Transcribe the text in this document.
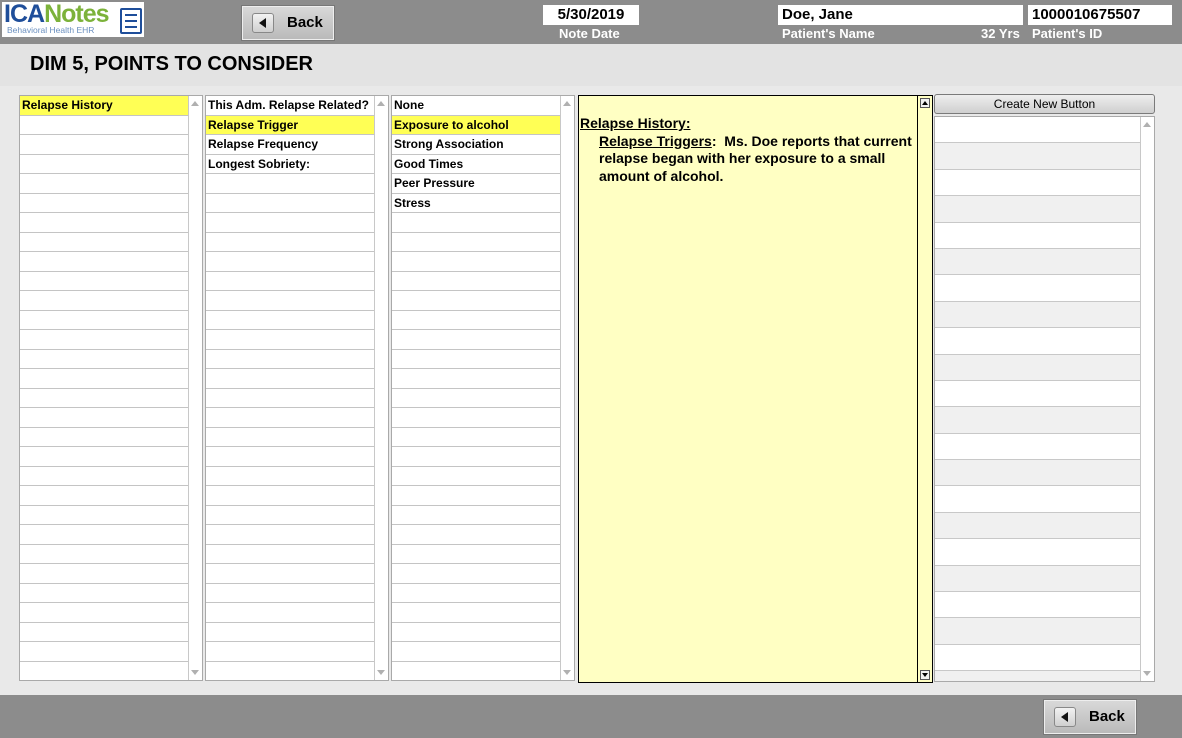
ICANotes
Behavioral Health EHR	Back	5/30/2019
Note Date
Doe, Jane
Patient's Name	32 Yrs
1000010675507
Patient's ID
DIM 5, POINTS TO CONSIDER
Relapse History	This Adm. Relapse Related?
Relapse Trigger
Relapse Frequency
Longest Sobriety:
None
Exposure to alcohol
Strong Association
Good Times
Peer Pressure
Stress
Relapse History:
Relapse Triggers:  Ms. Doe reports that current relapse began with her exposure to a small amount of alcohol.
Create New Button
Back
